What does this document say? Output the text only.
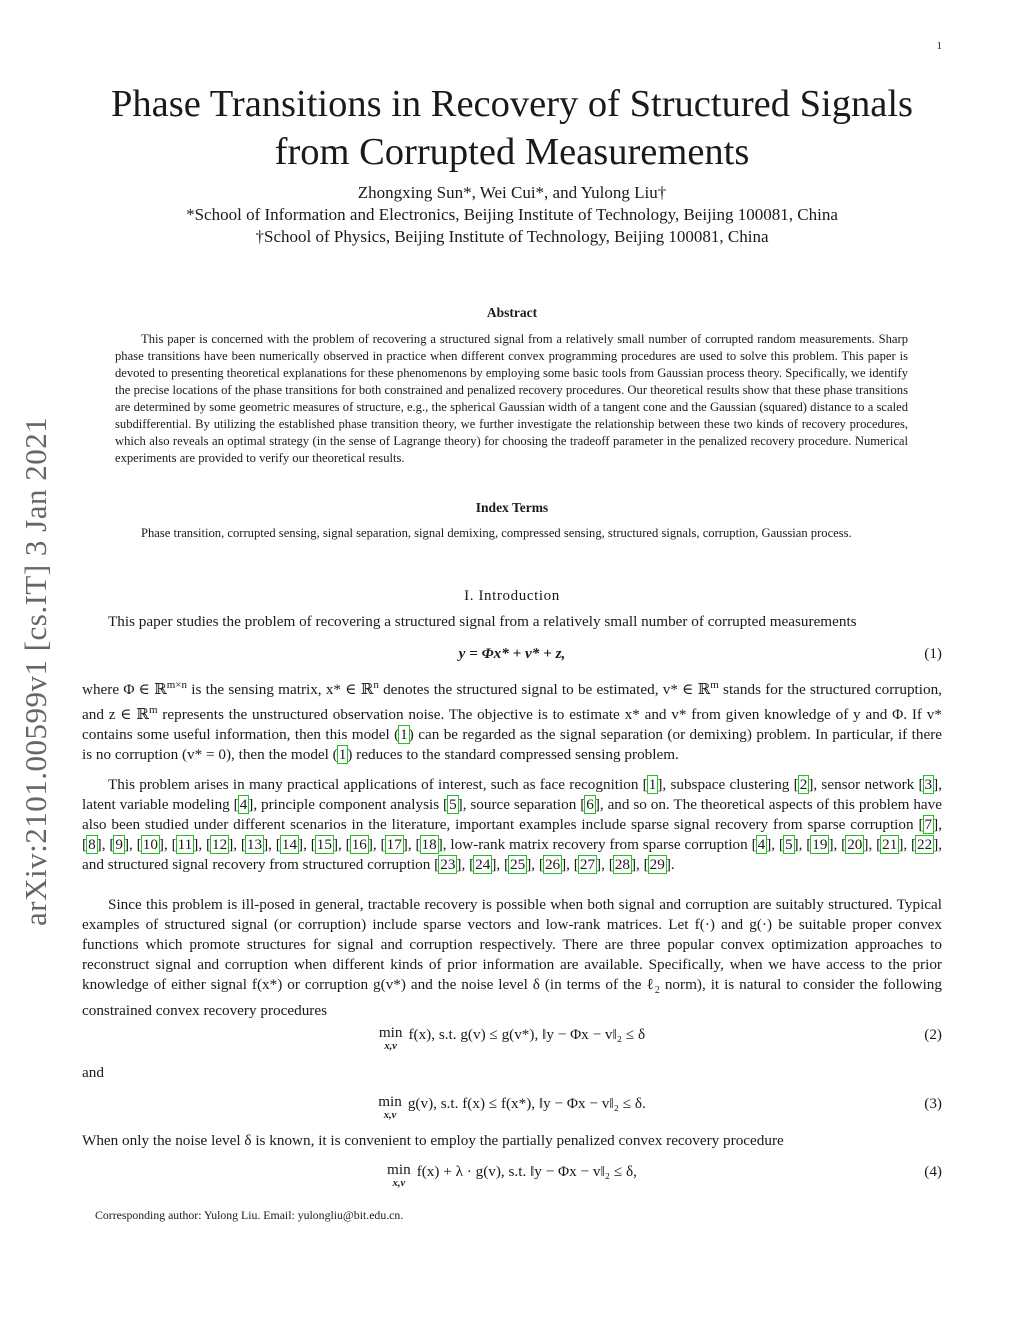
1
arXiv:2101.00599v1 [cs.IT] 3 Jan 2021
Phase Transitions in Recovery of Structured Signals
from Corrupted Measurements
Zhongxing Sun*, Wei Cui*, and Yulong Liu†
*School of Information and Electronics, Beijing Institute of Technology, Beijing 100081, China
†School of Physics, Beijing Institute of Technology, Beijing 100081, China
Abstract
This paper is concerned with the problem of recovering a structured signal from a relatively small number of corrupted random measurements. Sharp phase transitions have been numerically observed in practice when different convex programming procedures are used to solve this problem. This paper is devoted to presenting theoretical explanations for these phenomenons by employing some basic tools from Gaussian process theory. Specifically, we identify the precise locations of the phase transitions for both constrained and penalized recovery procedures. Our theoretical results show that these phase transitions are determined by some geometric measures of structure, e.g., the spherical Gaussian width of a tangent cone and the Gaussian (squared) distance to a scaled subdifferential. By utilizing the established phase transition theory, we further investigate the relationship between these two kinds of recovery procedures, which also reveals an optimal strategy (in the sense of Lagrange theory) for choosing the tradeoff parameter in the penalized recovery procedure. Numerical experiments are provided to verify our theoretical results.
Index Terms
Phase transition, corrupted sensing, signal separation, signal demixing, compressed sensing, structured signals, corruption, Gaussian process.
I. Introduction
This paper studies the problem of recovering a structured signal from a relatively small number of corrupted measurements
y = Φx* + v* + z,	(1)
where Φ ∈ ℝ$^{m\times n}$ is the sensing matrix, x* ∈ ℝ$^n$ denotes the structured signal to be estimated, v* ∈ ℝ$^m$ stands for the structured corruption, and z ∈ ℝ$^m$ represents the unstructured observation noise. The objective is to estimate x* and v* from given knowledge of y and Φ. If v* contains some useful information, then this model (1) can be regarded as the signal separation (or demixing) problem. In particular, if there is no corruption (v* = 0), then the model (1) reduces to the standard compressed sensing problem.
This problem arises in many practical applications of interest, such as face recognition [1], subspace clustering [2], sensor network [3], latent variable modeling [4], principle component analysis [5], source separation [6], and so on. The theoretical aspects of this problem have also been studied under different scenarios in the literature, important examples include sparse signal recovery from sparse corruption [7], [8], [9], [10], [11], [12], [13], [14], [15], [16], [17], [18], low-rank matrix recovery from sparse corruption [4], [5], [19], [20], [21], [22], and structured signal recovery from structured corruption [23], [24], [25], [26], [27], [28], [29].
Since this problem is ill-posed in general, tractable recovery is possible when both signal and corruption are suitably structured. Typical examples of structured signal (or corruption) include sparse vectors and low-rank matrices. Let f(·) and g(·) be suitable proper convex functions which promote structures for signal and corruption respectively. There are three popular convex optimization approaches to reconstruct signal and corruption when different kinds of prior information are available. Specifically, when we have access to the prior knowledge of either signal f(x*) or corruption g(v*) and the noise level δ (in terms of the ℓ$_2$ norm), it is natural to consider the following constrained convex recovery procedures
min
x,v
f(x), s.t. g(v) ≤ g(v*), ‖y − Φx − v‖₂ ≤ δ	(2)
and
min
x,v
g(v), s.t. f(x) ≤ f(x*), ‖y − Φx − v‖₂ ≤ δ.	(3)
When only the noise level δ is known, it is convenient to employ the partially penalized convex recovery procedure
min
x,v
f(x) + λ · g(v), s.t. ‖y − Φx − v‖₂ ≤ δ,	(4)
Corresponding author: Yulong Liu. Email: yulongliu@bit.edu.cn.
